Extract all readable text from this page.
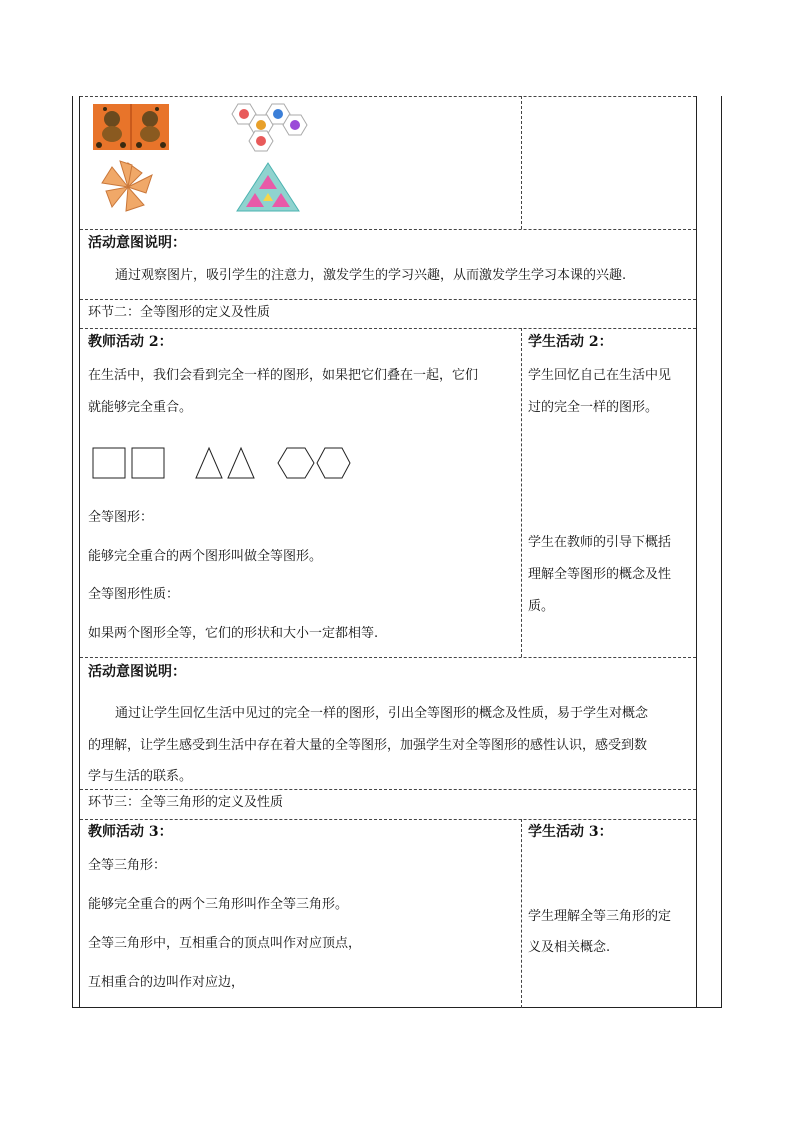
活动意图说明：
通过观察图片，吸引学生的注意力，激发学生的学习兴趣，从而激发学生学习本课的兴趣.
环节二：全等图形的定义及性质
教师活动 2：
在生活中，我们会看到完全一样的图形，如果把它们叠在一起，它们
就能够完全重合。
全等图形：
能够完全重合的两个图形叫做全等图形。
全等图形性质：
如果两个图形全等，它们的形状和大小一定都相等.
学生活动 2：
学生回忆自己在生活中见
过的完全一样的图形。
学生在教师的引导下概括
理解全等图形的概念及性
质。
活动意图说明：
通过让学生回忆生活中见过的完全一样的图形，引出全等图形的概念及性质，易于学生对概念
的理解，让学生感受到生活中存在着大量的全等图形，加强学生对全等图形的感性认识，感受到数
学与生活的联系。
环节三：全等三角形的定义及性质
教师活动 3：
全等三角形：
能够完全重合的两个三角形叫作全等三角形。
全等三角形中，互相重合的顶点叫作对应顶点，
互相重合的边叫作对应边，
学生活动 3：
学生理解全等三角形的定
义及相关概念.
